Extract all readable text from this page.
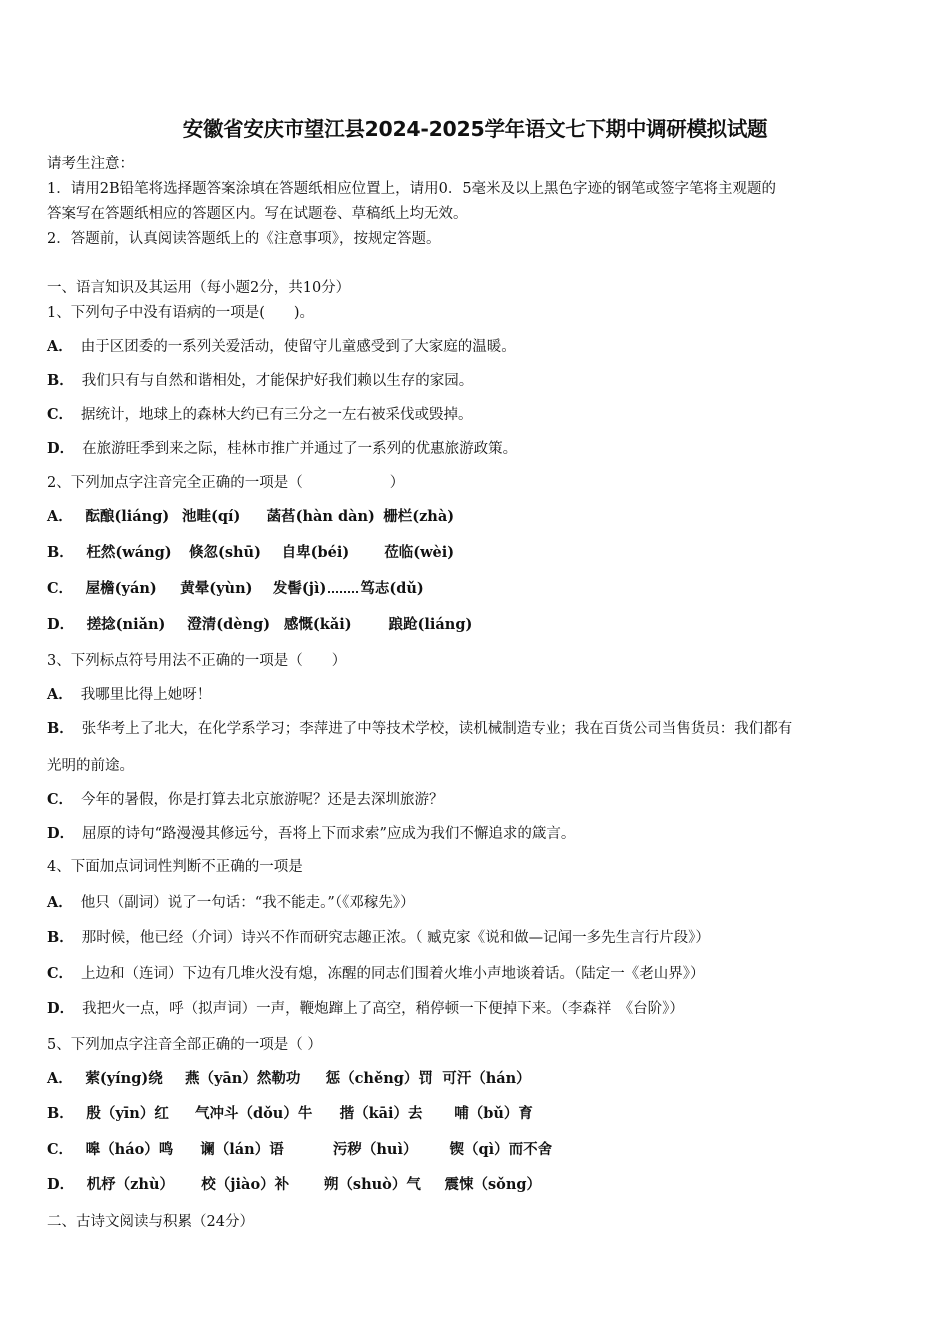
安徽省安庆市望江县2024-2025学年语文七下期中调研模拟试题
请考生注意：
1．请用2B铅笔将选择题答案涂填在答题纸相应位置上，请用0．5毫米及以上黑色字迹的钢笔或签字笔将主观题的
答案写在答题纸相应的答题区内。写在试题卷、草稿纸上均无效。
2．答题前，认真阅读答题纸上的《注意事项》，按规定答题。
一、语言知识及其运用（每小题2分，共10分）
1、下列句子中没有语病的一项是(　　)。
A． 由于区团委的一系列关爱活动，使留守儿童感受到了大家庭的温暖。
B． 我们只有与自然和谐相处，才能保护好我们赖以生存的家园。
C． 据统计，地球上的森林大约已有三分之一左右被采伐或毁掉。
D． 在旅游旺季到来之际，桂林市推广并通过了一系列的优惠旅游政策。
2、下列加点字注音完全正确的一项是（　　　　　　）
A． 酝酿(liáng) 池畦(qí) 菡萏(hàn dàn) 栅栏(zhà)
B． 枉然(wáng) 倏忽(shū) 自卑(béi) 莅临(wèi)
C． 屋檐(yán) 黄晕(yùn) 发髻(jì) 笃志(dǔ)
D． 搓捻(niǎn) 澄清(dèng) 感慨(kǎi)	踉跄(liáng)
3、下列标点符号用法不正确的一项是（　　）
A． 我哪里比得上她呀！
B． 张华考上了北大，在化学系学习；李萍进了中等技术学校，读机械制造专业；我在百货公司当售货员：我们都有
光明的前途。
C． 今年的暑假，你是打算去北京旅游呢？还是去深圳旅游？
D． 屈原的诗句“路漫漫其修远兮，吾将上下而求索”应成为我们不懈追求的箴言。
4、下面加点词词性判断不正确的一项是
A． 他只（副词）说了一句话：“我不能走。”（《邓稼先》）
B． 那时候，他已经（介词）诗兴不作而研究志趣正浓。（ 臧克家《说和做—记闻一多先生言行片段》）
C． 上边和（连词）下边有几堆火没有熄，冻醒的同志们围着火堆小声地谈着话。（陆定一《老山界》）
D． 我把火一点，呼（拟声词）一声，鞭炮蹿上了高空，稍停顿一下便掉下来。（李森祥　《台阶》）
5、下列加点字注音全部正确的一项是（ ）
A． 萦(yíng)绕 燕（yān）然勒功 惩（chěng）罚 可汗（hán）
B． 殷（yīn）红 气冲斗（dǒu）牛 揩（kāi）去 哺（bǔ）育
C． 嗥（háo）鸣 谰（lán）语	污秽（huì） 锲（qì）而不舍
D． 机杼（zhù） 校（jiào）补 朔（shuò）气 震悚（sǒng）
二、古诗文阅读与积累（24分）
